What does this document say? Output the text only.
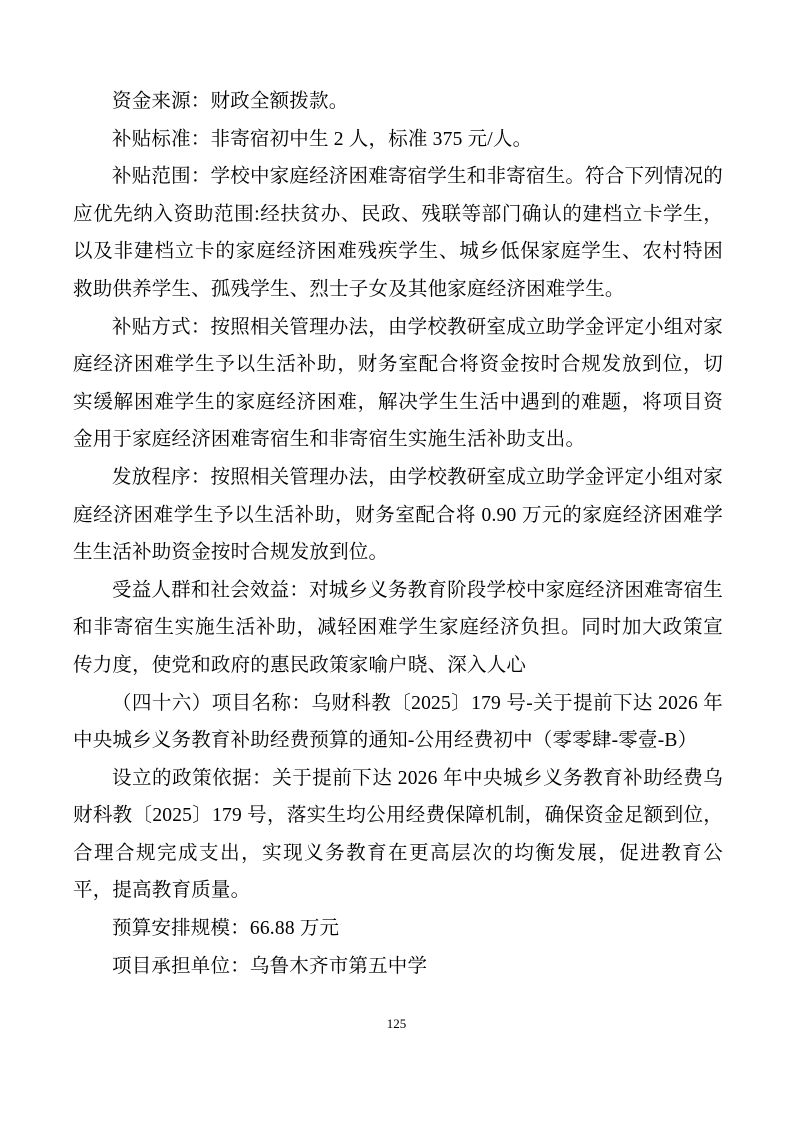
资金来源：财政全额拨款。

补贴标准：非寄宿初中生 2 人，标准 375 元/人。

补贴范围：学校中家庭经济困难寄宿学生和非寄宿生。符合下列情况的应优先纳入资助范围:经扶贫办、民政、残联等部门确认的建档立卡学生，以及非建档立卡的家庭经济困难残疾学生、城乡低保家庭学生、农村特困救助供养学生、孤残学生、烈士子女及其他家庭经济困难学生。

补贴方式：按照相关管理办法，由学校教研室成立助学金评定小组对家庭经济困难学生予以生活补助，财务室配合将资金按时合规发放到位，切实缓解困难学生的家庭经济困难，解决学生生活中遇到的难题，将项目资金用于家庭经济困难寄宿生和非寄宿生实施生活补助支出。

发放程序：按照相关管理办法，由学校教研室成立助学金评定小组对家庭经济困难学生予以生活补助，财务室配合将 0.90 万元的家庭经济困难学生生活补助资金按时合规发放到位。

受益人群和社会效益：对城乡义务教育阶段学校中家庭经济困难寄宿生和非寄宿生实施生活补助，减轻困难学生家庭经济负担。同时加大政策宣传力度，使党和政府的惠民政策家喻户晓、深入人心

（四十六）项目名称：乌财科教〔2025〕179 号-关于提前下达 2026 年中央城乡义务教育补助经费预算的通知-公用经费初中（零零肆-零壹-B）

设立的政策依据：关于提前下达 2026 年中央城乡义务教育补助经费乌财科教〔2025〕179 号，落实生均公用经费保障机制，确保资金足额到位，合理合规完成支出，实现义务教育在更高层次的均衡发展，促进教育公平，提高教育质量。

预算安排规模：66.88 万元

项目承担单位：乌鲁木齐市第五中学

125
